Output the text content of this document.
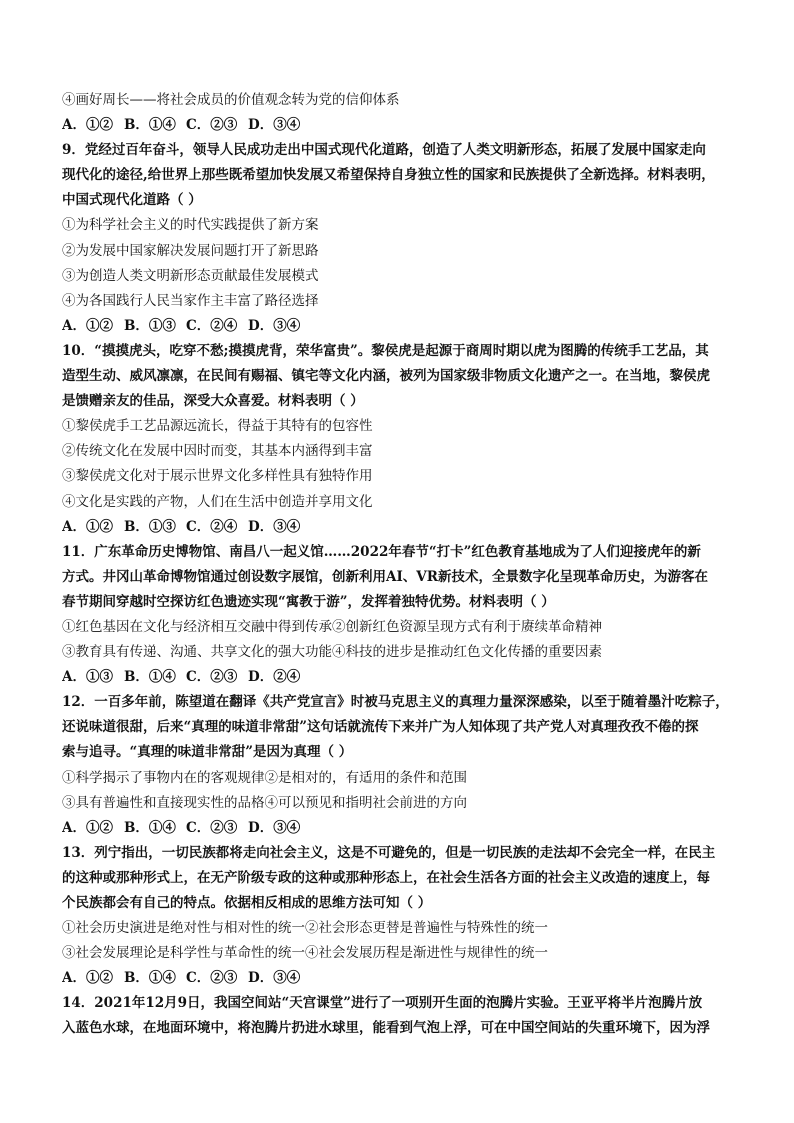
④画好周长——将社会成员的价值观念转为党的信仰体系
A．①② B．①④ C．②③ D．③④
9．党经过百年奋斗，领导人民成功走出中国式现代化道路，创造了人类文明新形态，拓展了发展中国家走向
现代化的途径,给世界上那些既希望加快发展又希望保持自身独立性的国家和民族提供了全新选择。材料表明，
中国式现代化道路（ ）
①为科学社会主义的时代实践提供了新方案
②为发展中国家解决发展问题打开了新思路
③为创造人类文明新形态贡献最佳发展模式
④为各国践行人民当家作主丰富了路径选择
A．①② B．①③ C．②④ D．③④
10．“摸摸虎头，吃穿不愁;摸摸虎背，荣华富贵”。黎侯虎是起源于商周时期以虎为图腾的传统手工艺品，其
造型生动、威风凛凛，在民间有赐福、镇宅等文化内涵，被列为国家级非物质文化遗产之一。在当地，黎侯虎
是馈赠亲友的佳品，深受大众喜爱。材料表明（ ）
①黎侯虎手工艺品源远流长，得益于其特有的包容性
②传统文化在发展中因时而变，其基本内涵得到丰富
③黎侯虎文化对于展示世界文化多样性具有独特作用
④文化是实践的产物，人们在生活中创造并享用文化
A．①② B．①③ C．②④ D．③④
11．广东革命历史博物馆、南昌八一起义馆……2022年春节“打卡”红色教育基地成为了人们迎接虎年的新
方式。井冈山革命博物馆通过创设数字展馆，创新利用AI、VR新技术，全景数字化呈现革命历史，为游客在
春节期间穿越时空探访红色遗迹实现“寓教于游”，发挥着独特优势。材料表明（ ）
①红色基因在文化与经济相互交融中得到传承②创新红色资源呈现方式有利于赓续革命精神
③教育具有传递、沟通、共享文化的强大功能④科技的进步是推动红色文化传播的重要因素
A．①③ B．①④ C．②③ D．②④
12．一百多年前，陈望道在翻译《共产党宣言》时被马克思主义的真理力量深深感染，以至于随着墨汁吃粽子，
还说味道很甜，后来“真理的味道非常甜”这句话就流传下来并广为人知体现了共产党人对真理孜孜不倦的探
索与追寻。“真理的味道非常甜”是因为真理（ ）
①科学揭示了事物内在的客观规律②是相对的，有适用的条件和范围
③具有普遍性和直接现实性的品格④可以预见和指明社会前进的方向
A．①② B．①④ C．②③ D．③④
13．列宁指出，一切民族都将走向社会主义，这是不可避免的，但是一切民族的走法却不会完全一样，在民主
的这种或那种形式上，在无产阶级专政的这种或那种形态上，在社会生活各方面的社会主义改造的速度上，每
个民族都会有自己的特点。依据相反相成的思维方法可知（ ）
①社会历史演进是绝对性与相对性的统一②社会形态更替是普遍性与特殊性的统一
③社会发展理论是科学性与革命性的统一④社会发展历程是渐进性与规律性的统一
A．①② B．①④ C．②③ D．③④
14．2021年12月9日，我国空间站“天宫课堂”进行了一项别开生面的泡腾片实验。王亚平将半片泡腾片放
入蓝色水球，在地面环境中，将泡腾片扔进水球里，能看到气泡上浮，可在中国空间站的失重环境下，因为浮
